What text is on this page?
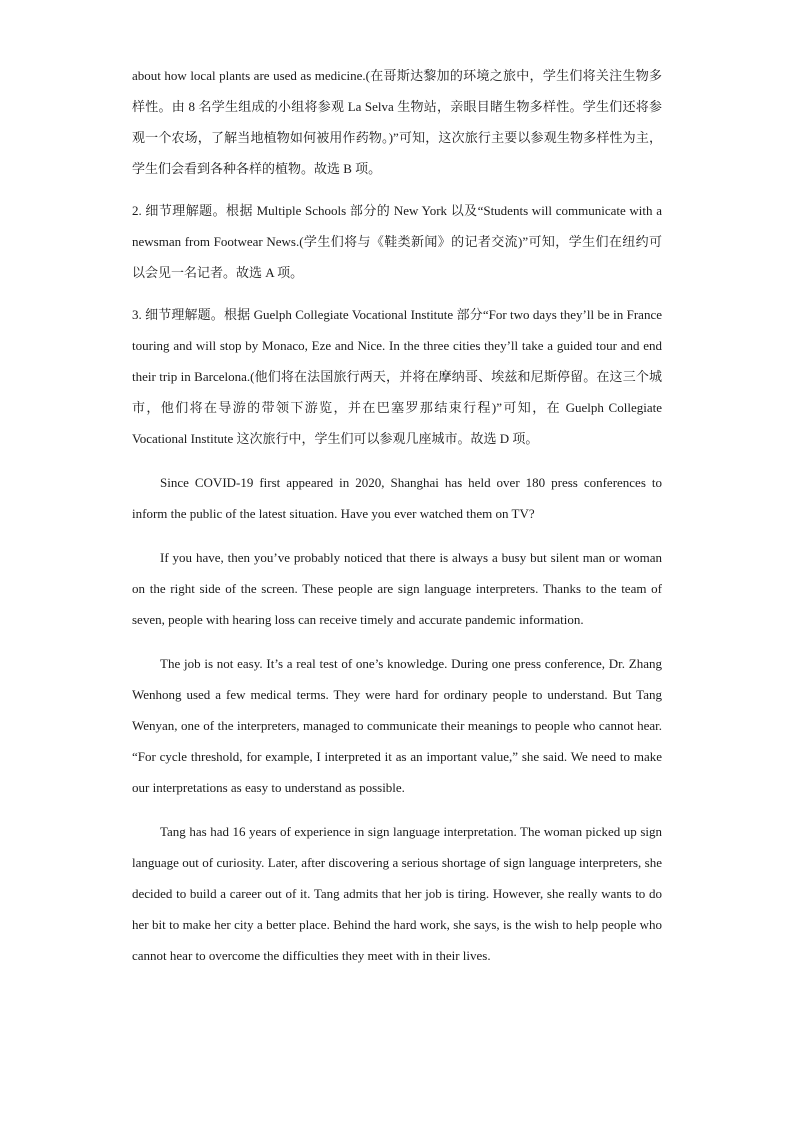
about how local plants are used as medicine.(在哥斯达黎加的环境之旅中，学生们将关注生物多样性。由 8 名学生组成的小组将参观 La Selva 生物站，亲眼目睹生物多样性。学生们还将参观一个农场，了解当地植物如何被用作药物。)”可知，这次旅行主要以参观生物多样性为主，学生们会看到各种各样的植物。故选 B 项。

2. 细节理解题。根据 Multiple Schools 部分的 New York 以及“Students will communicate with a newsman from Footwear News.(学生们将与《鞋类新闻》的记者交流)”可知，学生们在纽约可以会见一名记者。故选 A 项。

3. 细节理解题。根据 Guelph Collegiate Vocational Institute 部分“For two days they’ll be in France touring and will stop by Monaco, Eze and Nice. In the three cities they’ll take a guided tour and end their trip in Barcelona.(他们将在法国旅行两天，并将在摩纳哥、埃兹和尼斯停留。在这三个城市，他们将在导游的带领下游览，并在巴塞罗那结束行程)”可知，在 Guelph Collegiate Vocational Institute 这次旅行中，学生们可以参观几座城市。故选 D 项。

Since COVID-19 first appeared in 2020, Shanghai has held over 180 press conferences to inform the public of the latest situation. Have you ever watched them on TV?

If you have, then you’ve probably noticed that there is always a busy but silent man or woman on the right side of the screen. These people are sign language interpreters. Thanks to the team of seven, people with hearing loss can receive timely and accurate pandemic information.

The job is not easy. It’s a real test of one’s knowledge. During one press conference, Dr. Zhang Wenhong used a few medical terms. They were hard for ordinary people to understand. But Tang Wenyan, one of the interpreters, managed to communicate their meanings to people who cannot hear. “For cycle threshold, for example, I interpreted it as an important value,” she said. We need to make our interpretations as easy to understand as possible.

Tang has had 16 years of experience in sign language interpretation. The woman picked up sign language out of curiosity. Later, after discovering a serious shortage of sign language interpreters, she decided to build a career out of it. Tang admits that her job is tiring. However, she really wants to do her bit to make her city a better place. Behind the hard work, she says, is the wish to help people who cannot hear to overcome the difficulties they meet with in their lives.
